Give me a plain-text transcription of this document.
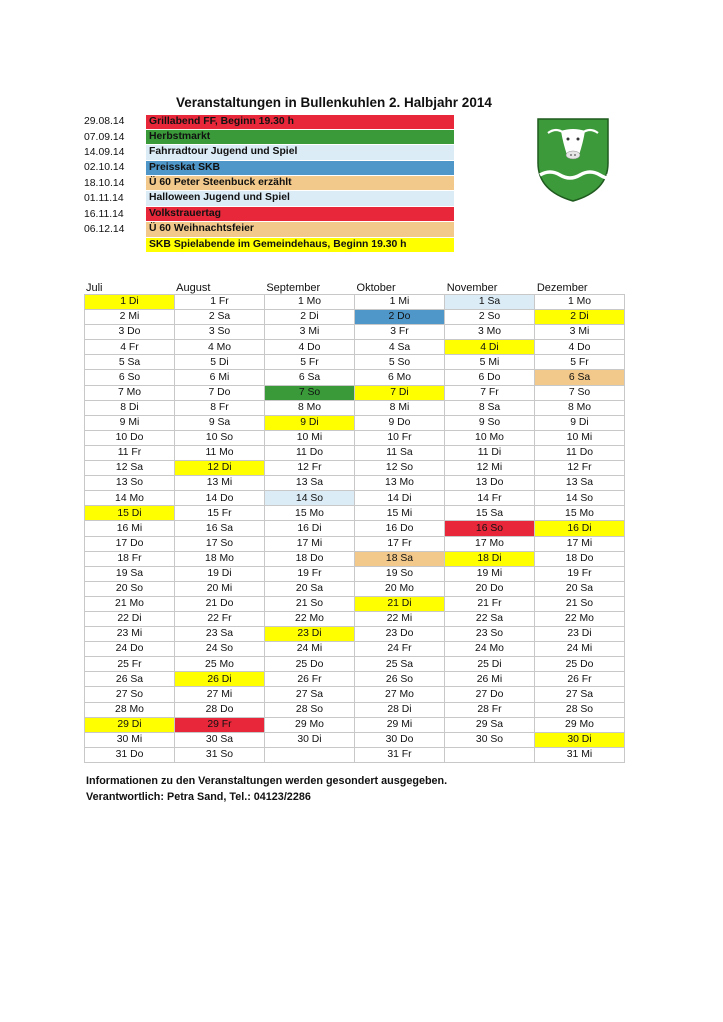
Veranstaltungen in Bullenkuhlen 2. Halbjahr 2014
29.08.14	Grillabend FF, Beginn 19.30 h
07.09.14	Herbstmarkt
14.09.14	Fahrradtour Jugend und Spiel
02.10.14	Preisskat SKB
18.10.14	Ü 60 Peter Steenbuck erzählt
01.11.14	Halloween Jugend und Spiel
16.11.14	Volkstrauertag
06.12.14	Ü 60 Weihnachtsfeier
SKB Spielabende im Gemeindehaus, Beginn 19.30 h
Juli	August	September	Oktober	November	Dezember
1 Di	1 Fr	1 Mo	1 Mi	1 Sa	1 Mo
2 Mi	2 Sa	2 Di	2 Do	2 So	2 Di
3 Do	3 So	3 Mi	3 Fr	3 Mo	3 Mi
4 Fr	4 Mo	4 Do	4 Sa	4 Di	4 Do
5 Sa	5 Di	5 Fr	5 So	5 Mi	5 Fr
6 So	6 Mi	6 Sa	6 Mo	6 Do	6 Sa
7 Mo	7 Do	7 So	7 Di	7 Fr	7 So
8 Di	8 Fr	8 Mo	8 Mi	8 Sa	8 Mo
9 Mi	9 Sa	9 Di	9 Do	9 So	9 Di
10 Do	10 So	10 Mi	10 Fr	10 Mo	10 Mi
11 Fr	11 Mo	11 Do	11 Sa	11 Di	11 Do
12 Sa	12 Di	12 Fr	12 So	12 Mi	12 Fr
13 So	13 Mi	13 Sa	13 Mo	13 Do	13 Sa
14 Mo	14 Do	14 So	14 Di	14 Fr	14 So
15 Di	15 Fr	15 Mo	15 Mi	15 Sa	15 Mo
16 Mi	16 Sa	16 Di	16 Do	16 So	16 Di
17 Do	17 So	17 Mi	17 Fr	17 Mo	17 Mi
18 Fr	18 Mo	18 Do	18 Sa	18 Di	18 Do
19 Sa	19 Di	19 Fr	19 So	19 Mi	19 Fr
20 So	20 Mi	20 Sa	20 Mo	20 Do	20 Sa
21 Mo	21 Do	21 So	21 Di	21 Fr	21 So
22 Di	22 Fr	22 Mo	22 Mi	22 Sa	22 Mo
23 Mi	23 Sa	23 Di	23 Do	23 So	23 Di
24 Do	24 So	24 Mi	24 Fr	24 Mo	24 Mi
25 Fr	25 Mo	25 Do	25 Sa	25 Di	25 Do
26 Sa	26 Di	26 Fr	26 So	26 Mi	26 Fr
27 So	27 Mi	27 Sa	27 Mo	27 Do	27 Sa
28 Mo	28 Do	28 So	28 Di	28 Fr	28 So
29 Di	29 Fr	29 Mo	29 Mi	29 Sa	29 Mo
30 Mi	30 Sa	30 Di	30 Do	30 So	30 Di
31 Do	31 So		31 Fr		31 Mi
Informationen zu den Veranstaltungen werden gesondert ausgegeben.
Verantwortlich: Petra Sand, Tel.: 04123/2286
